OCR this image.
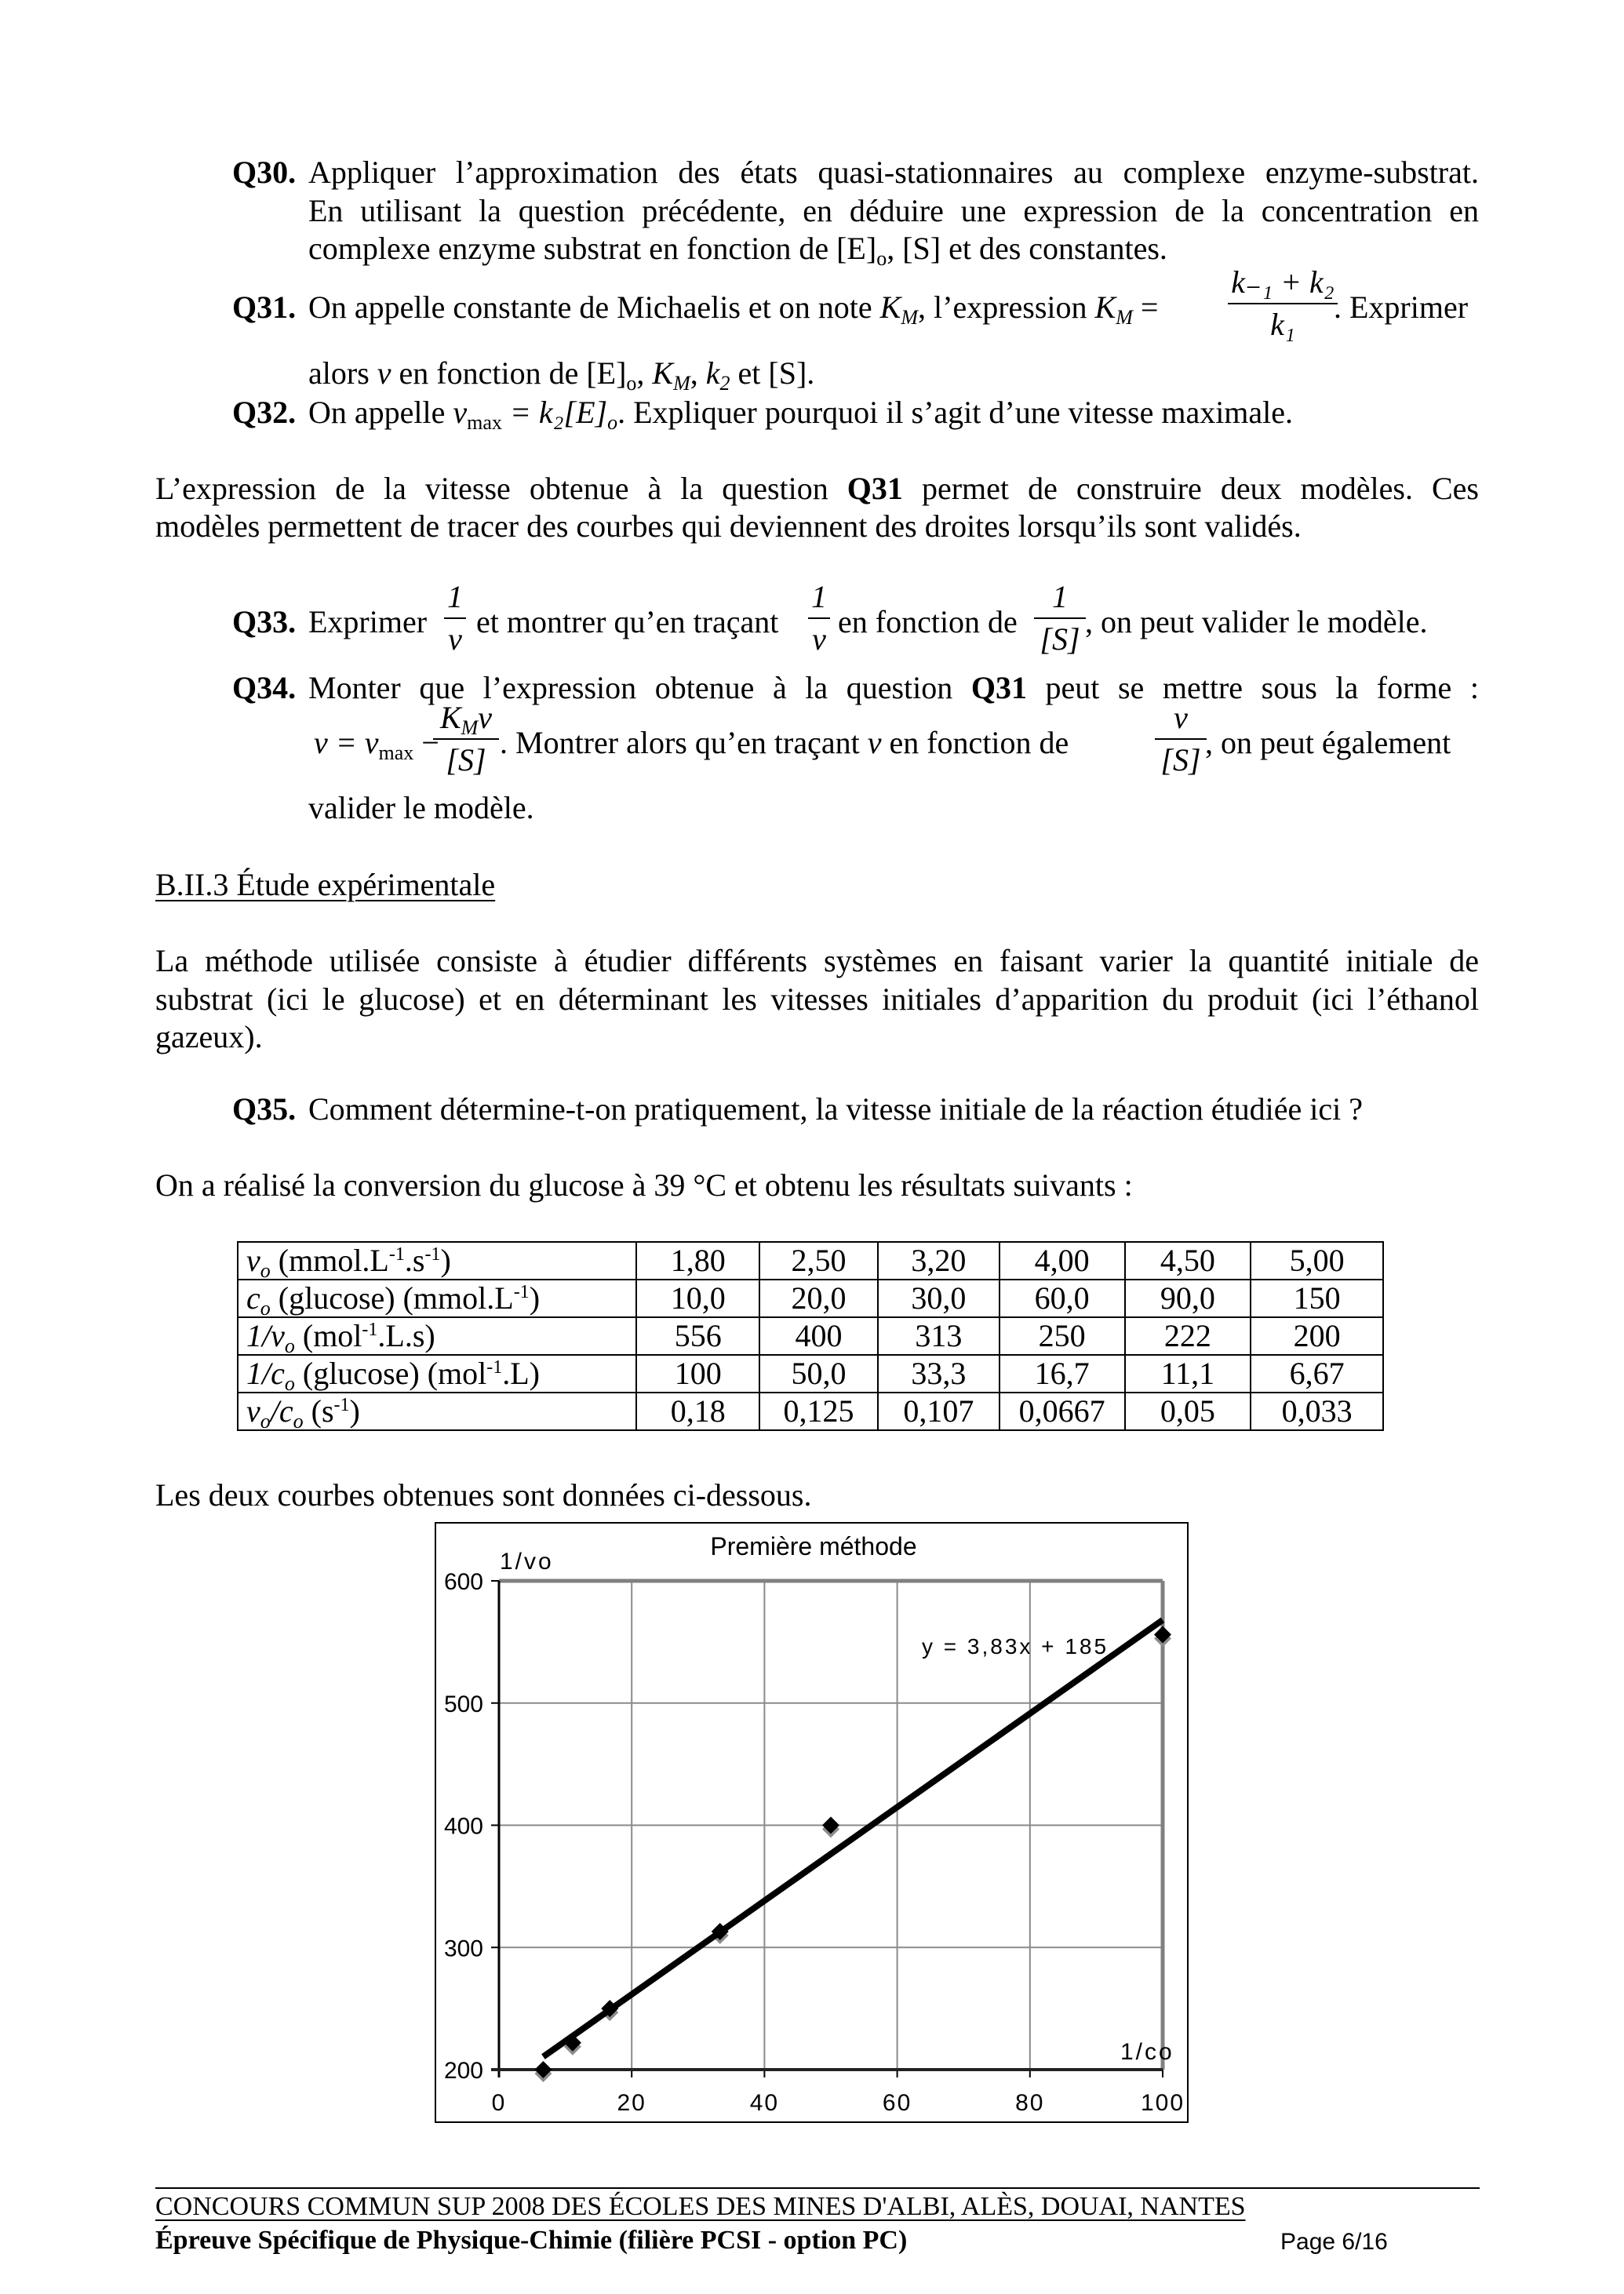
Q30. Appliquer l’approximation des états quasi-stationnaires au complexe enzyme-substrat.
En utilisant la question précédente, en déduire une expression de la concentration en
complexe enzyme substrat en fonction de $[E]_o$, [S] et des constantes.
Q31. On appelle constante de Michaelis et on note $K_M$, l’expression $K_M$ =
k₋₁ + k₂
k₁	. Exprimer
alors v en fonction de $[E]_o$, $K_M$, $k_2$ et [S].
Q32. On appelle $v_{max} = k_2[E]_o$. Expliquer pourquoi il s’agit d’une vitesse maximale.
L’expression de la vitesse obtenue à la question Q31 permet de construire deux modèles. Ces
modèles permettent de tracer des courbes qui deviennent des droites lorsqu’ils sont validés.
Q33. Exprimer
1
v et montrer qu’en traçant
1
v en fonction de
1
[S] , on peut valider le modèle.
Q34. Monter que l’expression obtenue à la question Q31 peut se mettre sous la forme :
$v = v_{max}$ −
$K_Mv$
[S] . Montrer alors qu’en traçant v en fonction de
v
[S] , on peut également
valider le modèle.
B.II.3 Étude expérimentale
La méthode utilisée consiste à étudier différents systèmes en faisant varier la quantité initiale de
substrat (ici le glucose) et en déterminant les vitesses initiales d’apparition du produit (ici l’éthanol
gazeux).
Q35. Comment détermine-t-on pratiquement, la vitesse initiale de la réaction étudiée ici ?
On a réalisé la conversion du glucose à 39 °C et obtenu les résultats suivants :
$v_o$ $(mmol.L^{-1}.s^{-1})$	1,80	2,50	3,20	4,00	4,50	5,00
$c_o$ (glucose) $(mmol.L^{-1})$	10,0	20,0	30,0	60,0	90,0	150
$1/v_o$ (mol$^{-1}$.L.s)	556	400	313	250	222	200
$1/c_o$ (glucose) (mol$^{-1}$.L)	100	50,0	33,3	16,7	11,1	6,67
$v_o/c_o$ $(s^{-1})$	0,18	0,125	0,107	0,0667	0,05	0,033
Les deux courbes obtenues sont données ci-dessous.
0	20	40	60	80	100
200
300
400
500
600
Première méthode
1/vo
1/co
y = 3,83x + 185
CONCOURS COMMUN SUP 2008 DES ÉCOLES DES MINES D'ALBI, ALÈS, DOUAI, NANTES
Épreuve Spécifique de Physique-Chimie (filière PCSI - option PC)	Page 6/16
